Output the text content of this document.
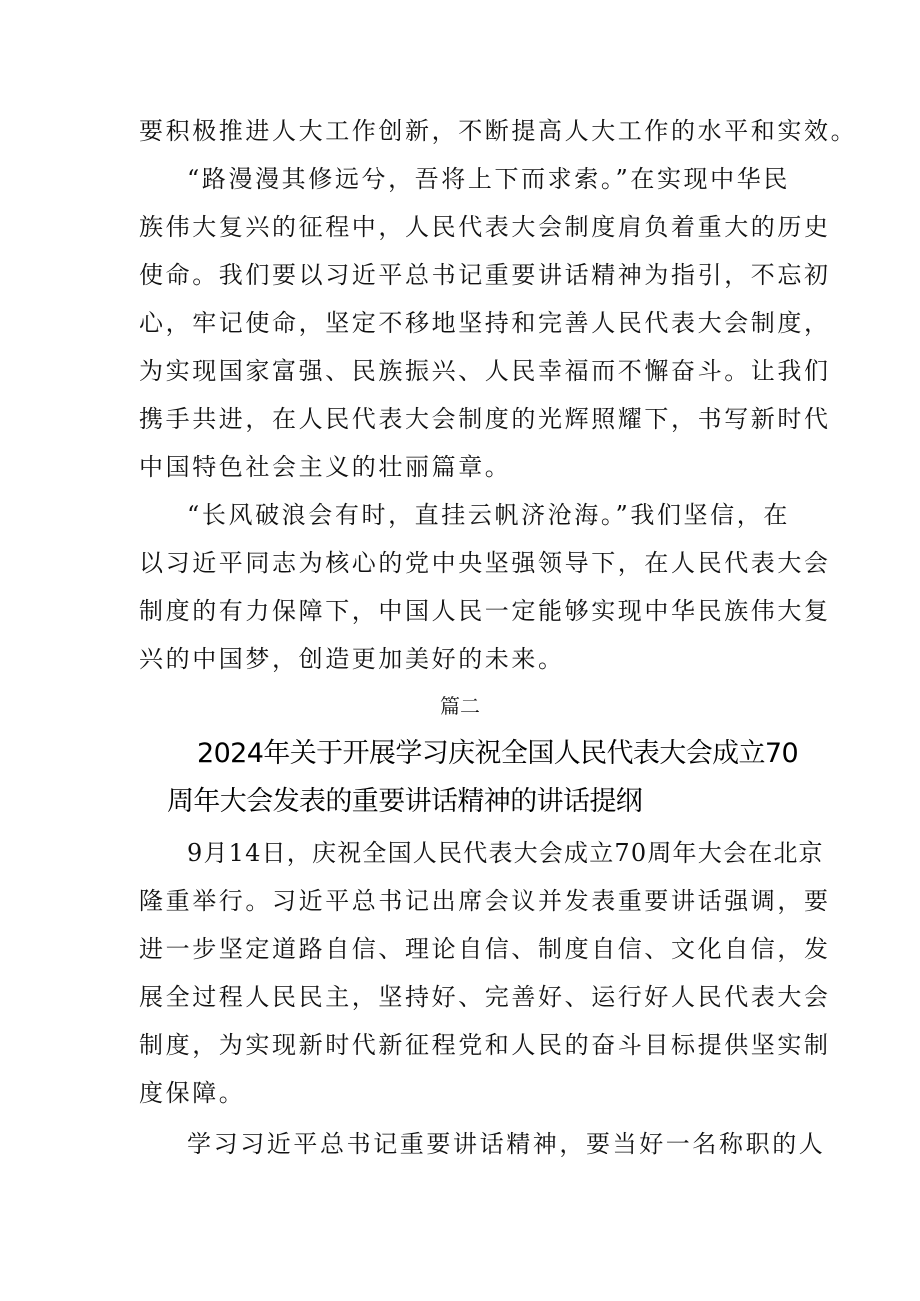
要积极推进人大工作创新，不断提高人大工作的水平和实效。
“路漫漫其修远兮，吾将上下而求索。”在实现中华民
族伟大复兴的征程中，人民代表大会制度肩负着重大的历史
使命。我们要以习近平总书记重要讲话精神为指引，不忘初
心，牢记使命，坚定不移地坚持和完善人民代表大会制度，
为实现国家富强、民族振兴、人民幸福而不懈奋斗。让我们
携手共进，在人民代表大会制度的光辉照耀下，书写新时代
中国特色社会主义的壮丽篇章。
“长风破浪会有时，直挂云帆济沧海。”我们坚信，在
以习近平同志为核心的党中央坚强领导下，在人民代表大会
制度的有力保障下，中国人民一定能够实现中华民族伟大复
兴的中国梦，创造更加美好的未来。
篇二
2024年关于开展学习庆祝全国人民代表大会成立70
周年大会发表的重要讲话精神的讲话提纲
9月14日，庆祝全国人民代表大会成立70周年大会在北京
隆重举行。习近平总书记出席会议并发表重要讲话强调，要
进一步坚定道路自信、理论自信、制度自信、文化自信，发
展全过程人民民主，坚持好、完善好、运行好人民代表大会
制度，为实现新时代新征程党和人民的奋斗目标提供坚实制
度保障。
学习习近平总书记重要讲话精神，要当好一名称职的人
